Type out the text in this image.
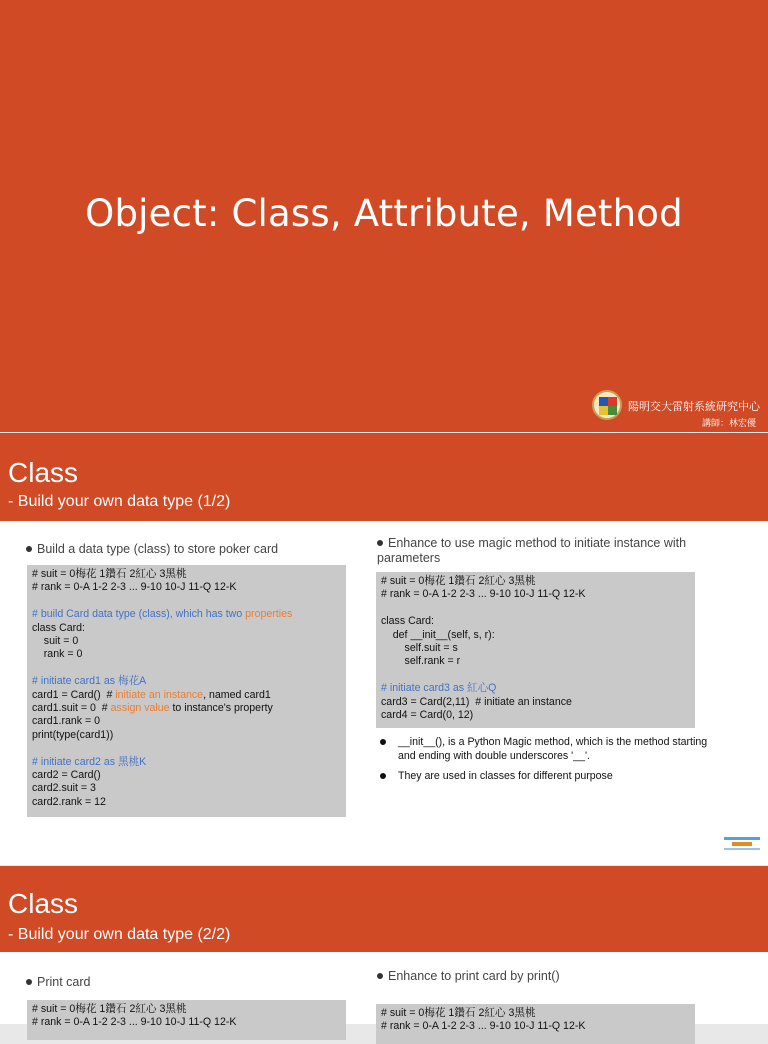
Object: Class, Attribute, Method
陽明交大雷射系統研究中心
講師：林宏優
Class
- Build your own data type (1/2)
Build a data type (class) to store poker card
# suit = 0梅花 1鑽石 2紅心 3黑桃
# rank = 0-A 1-2 2-3 ... 9-10 10-J 11-Q 12-K
# build Card data type (class), which has two properties
class Card:
suit = 0
rank = 0
# initiate card1 as 梅花A
card1 = Card()  # initiate an instance, named card1
card1.suit = 0  # assign value to instance's property
card1.rank = 0
print(type(card1))
# initiate card2 as 黑桃K
card2 = Card()
card2.suit = 3
card2.rank = 12
Enhance to use magic method to initiate instance with parameters
# suit = 0梅花 1鑽石 2紅心 3黑桃
# rank = 0-A 1-2 2-3 ... 9-10 10-J 11-Q 12-K
class Card:
def __init__(self, s, r):
self.suit = s
self.rank = r
# initiate card3 as 紅心Q
card3 = Card(2,11)  # initiate an instance
card4 = Card(0, 12)
__init__(), is a Python Magic method, which is the method starting and ending with double underscores '__'.
They are used in classes for different purpose
Class
- Build your own data type (2/2)
Print card
# suit = 0梅花 1鑽石 2紅心 3黑桃
# rank = 0-A 1-2 2-3 ... 9-10 10-J 11-Q 12-K
Enhance to print card by print()
# suit = 0梅花 1鑽石 2紅心 3黑桃
# rank = 0-A 1-2 2-3 ... 9-10 10-J 11-Q 12-K
